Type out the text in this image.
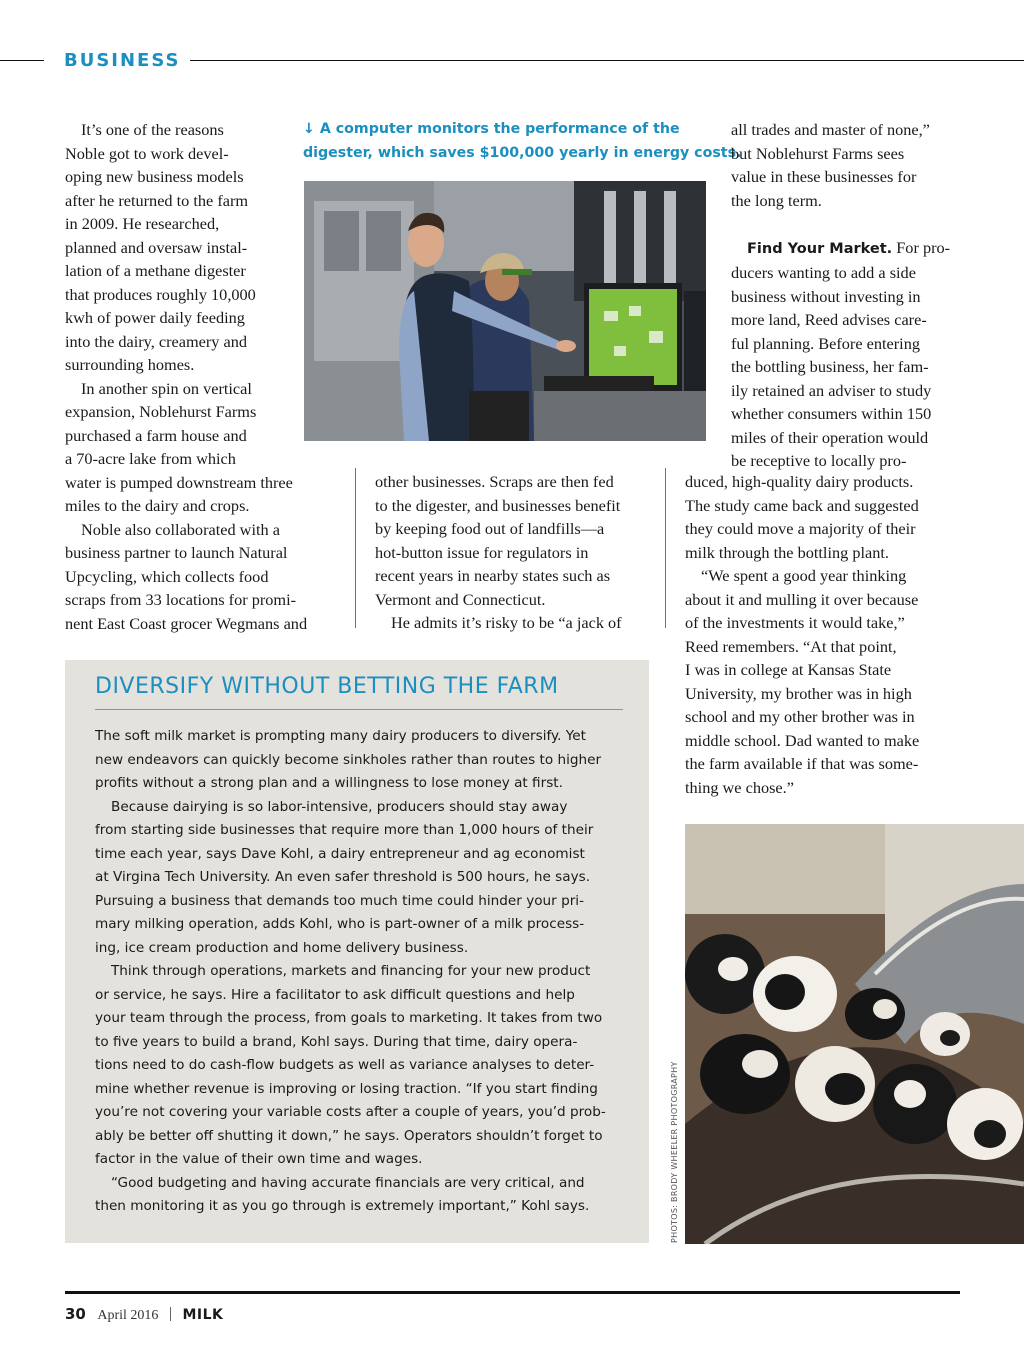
BUSINESS
It’s one of the reasons
Noble got to work devel-
oping new business models
after he returned to the farm
in 2009. He researched,
planned and oversaw instal-
lation of a methane digester
that produces roughly 10,000
kwh of power daily feeding
into the dairy, creamery and
surrounding homes.
In another spin on vertical
expansion, Noblehurst Farms
purchased a farm house and
a 70-acre lake from which
water is pumped downstream three
miles to the dairy and crops.
Noble also collaborated with a
business partner to launch Natural
Upcycling, which collects food
scraps from 33 locations for promi-
nent East Coast grocer Wegmans and
↓ A computer monitors the performance of the
digester, which saves $100,000 yearly in energy costs.
other businesses. Scraps are then fed
to the digester, and businesses benefit
by keeping food out of landfills—a
hot-button issue for regulators in
recent years in nearby states such as
Vermont and Connecticut.
He admits it’s risky to be “a jack of
all trades and master of none,”
but Noblehurst Farms sees
value in these businesses for
the long term.

Find Your Market. For pro-
ducers wanting to add a side
business without investing in
more land, Reed advises care-
ful planning. Before entering
the bottling business, her fam-
ily retained an adviser to study
whether consumers within 150
miles of their operation would
be receptive to locally pro-
duced, high-quality dairy products.
The study came back and suggested
they could move a majority of their
milk through the bottling plant.
“We spent a good year thinking
about it and mulling it over because
of the investments it would take,”
Reed remembers. “At that point,
I was in college at Kansas State
University, my brother was in high
school and my other brother was in
middle school. Dad wanted to make
the farm available if that was some-
thing we chose.”
DIVERSIFY WITHOUT BETTING THE FARM
The soft milk market is prompting many dairy producers to diversify. Yet
new endeavors can quickly become sinkholes rather than routes to higher
profits without a strong plan and a willingness to lose money at first.
Because dairying is so labor-intensive, producers should stay away
from starting side businesses that require more than 1,000 hours of their
time each year, says Dave Kohl, a dairy entrepreneur and ag economist
at Virgina Tech University. An even safer threshold is 500 hours, he says.
Pursuing a business that demands too much time could hinder your pri-
mary milking operation, adds Kohl, who is part-owner of a milk process-
ing, ice cream production and home delivery business.
Think through operations, markets and financing for your new product
or service, he says. Hire a facilitator to ask difficult questions and help
your team through the process, from goals to marketing. It takes from two
to five years to build a brand, Kohl says. During that time, dairy opera-
tions need to do cash-flow budgets as well as variance analyses to deter-
mine whether revenue is improving or losing traction. “If you start finding
you’re not covering your variable costs after a couple of years, you’d prob-
ably be better off shutting it down,” he says. Operators shouldn’t forget to
factor in the value of their own time and wages.
“Good budgeting and having accurate financials are very critical, and
then monitoring it as you go through is extremely important,” Kohl says.	PHOTOS: BRODY WHEELER PHOTOGRAPHY
30 April 2016 MILK
